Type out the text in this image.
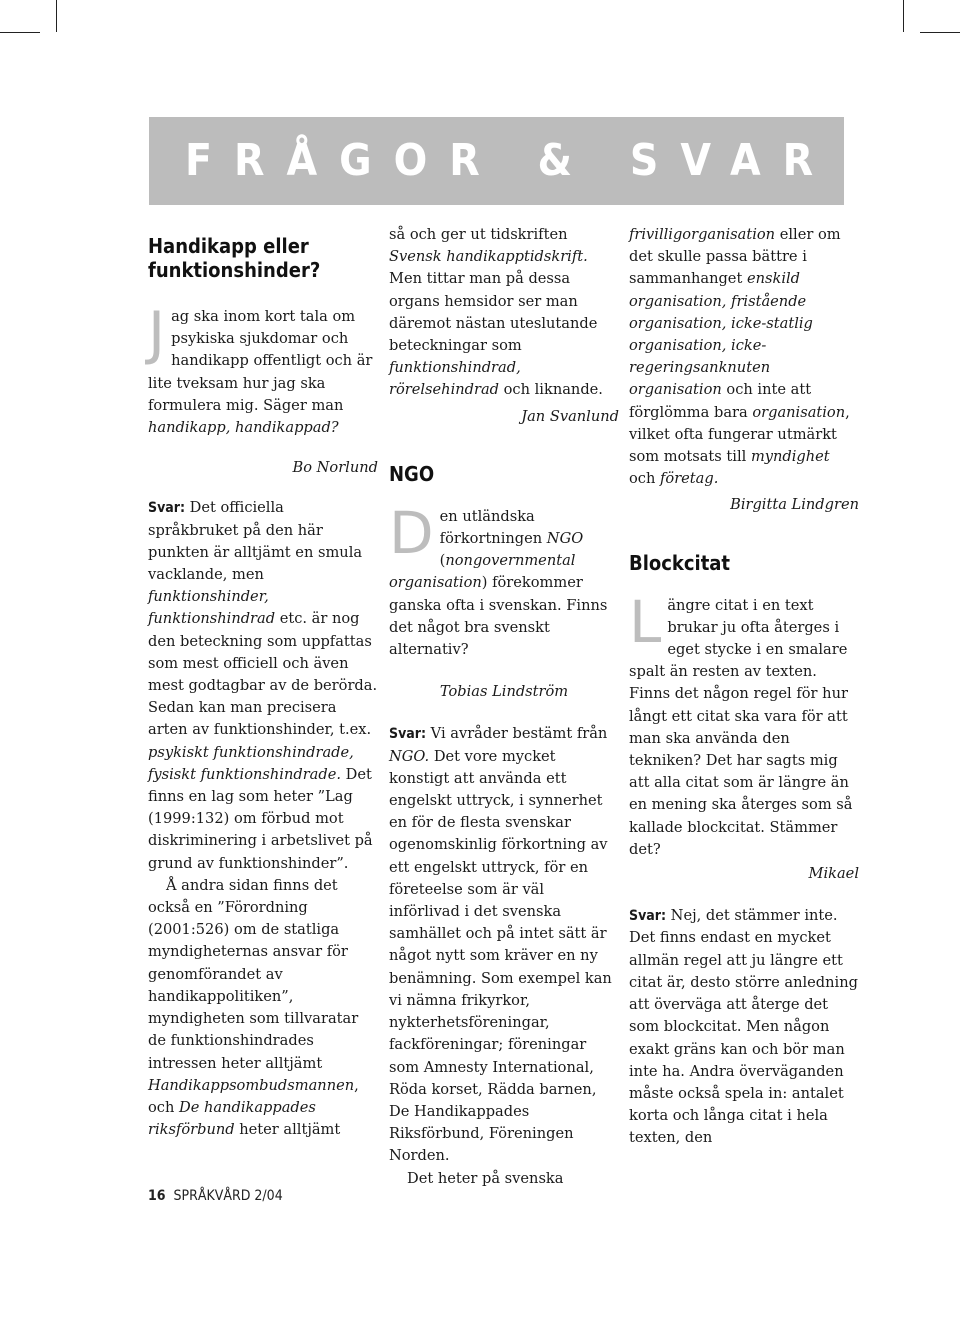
FRÅGOR & SVAR
Handikapp eller funktionshinder?

Jag ska inom kort tala om psykiska sjukdomar och handikapp offentligt och är lite tveksam hur jag ska formulera mig. Säger man handikapp, handikappad?

Bo Norlund

Svar: Det officiella språkbruket på den här punkten är alltjämt en smula vacklande, men funktionshinder, funktionshindrad etc. är nog den beteckning som uppfattas som mest officiell och även mest godtagbar av de berörda. Sedan kan man precisera arten av funktionshinder, t.ex. psykiskt funktionshindrade, fysiskt funktionshindrade. Det finns en lag som heter ”Lag (1999:132) om förbud mot diskriminering i arbetslivet på grund av funktionshinder”.

Å andra sidan finns det också en ”Förordning (2001:526) om de statliga myndigheternas ansvar för genomförandet av handikappolitiken”, myndigheten som tillvaratar de funktionshindrades intressen heter alltjämt Handikappsombudsmannen, och De handikappades riksförbund heter alltjämt

så och ger ut tidskriften Svensk handikapptidskrift. Men tittar man på dessa organs hemsidor ser man däremot nästan uteslutande beteckningar som funktionshindrad, rörelsehindrad och liknande.

Jan Svanlund

NGO

Den utländska förkortningen NGO (nongovernmental organisation) förekommer ganska ofta i svenskan. Finns det något bra svenskt alternativ?

Tobias Lindström

Svar: Vi avråder bestämt från NGO. Det vore mycket konstigt att använda ett engelskt uttryck, i synnerhet en för de flesta svenskar ogenomskinlig förkortning av ett engelskt uttryck, för en företeelse som är väl införlivad i det svenska samhället och på intet sätt är något nytt som kräver en ny benämning. Som exempel kan vi nämna frikyrkor, nykterhetsföreningar, fackföreningar; föreningar som Amnesty International, Röda korset, Rädda barnen, De Handikappades Riksförbund, Föreningen Norden.

Det heter på svenska

frivilligorganisation eller om det skulle passa bättre i sammanhanget enskild organisation, fristående organisation, icke-statlig organisation, icke-regeringsanknuten organisation och inte att förglömma bara organisation, vilket ofta fungerar utmärkt som motsats till myndighet och företag.

Birgitta Lindgren

Blockcitat

Längre citat i en text brukar ju ofta återges i eget stycke i en smalare spalt än resten av texten. Finns det någon regel för hur långt ett citat ska vara för att man ska använda den tekniken? Det har sagts mig att alla citat som är längre än en mening ska återges som så kallade blockcitat. Stämmer det?

Mikael

Svar: Nej, det stämmer inte. Det finns endast en mycket allmän regel att ju längre ett citat är, desto större anledning att överväga att återge det som blockcitat. Men någon exakt gräns kan och bör man inte ha. Andra överväganden måste också spela in: antalet korta och långa citat i hela texten, den

16 SPRÅKVÅRD 2/04
